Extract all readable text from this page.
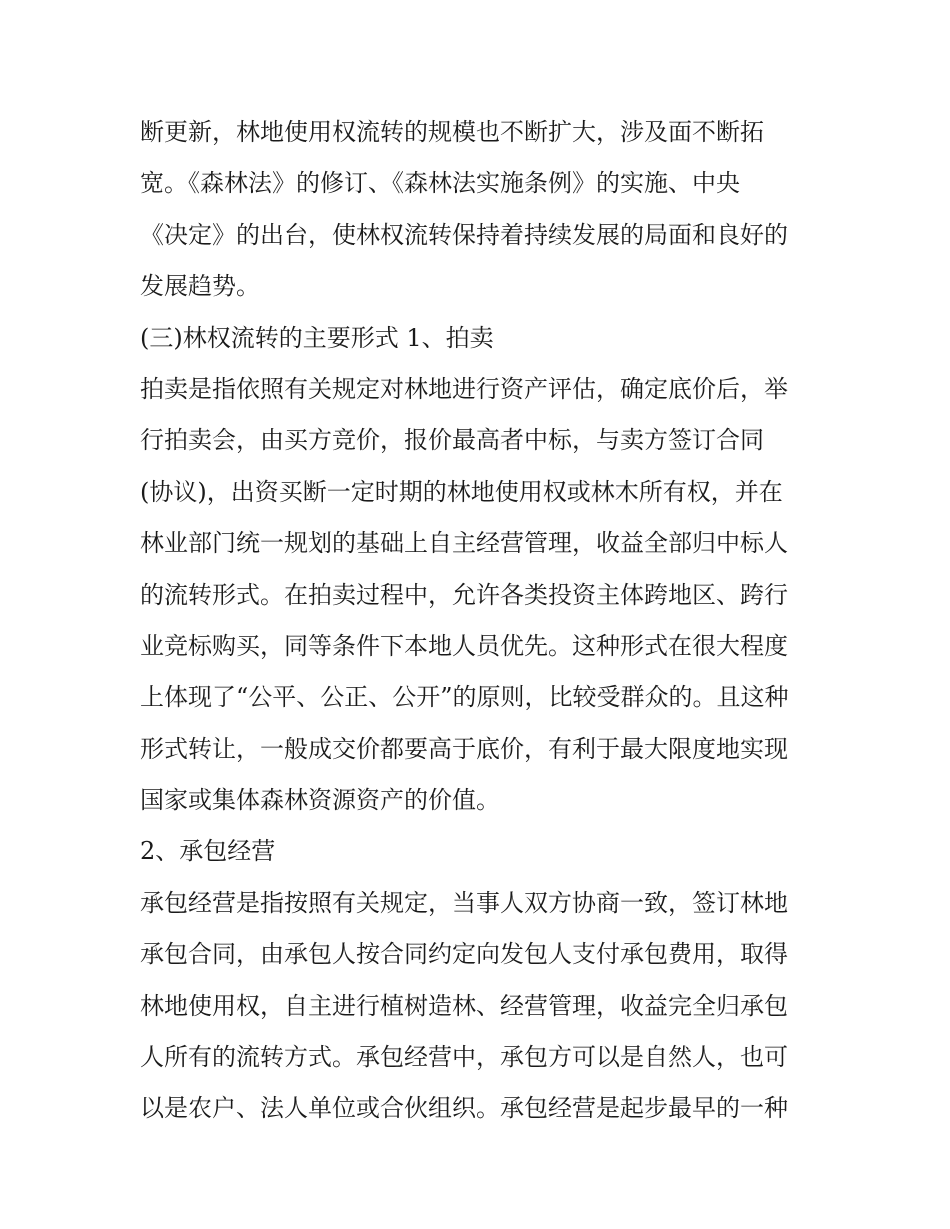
断更新，林地使用权流转的规模也不断扩大，涉及面不断拓
宽。《森林法》的修订、《森林法实施条例》的实施、中央
《决定》的出台，使林权流转保持着持续发展的局面和良好的
发展趋势。
(三)林权流转的主要形式 1、拍卖
拍卖是指依照有关规定对林地进行资产评估，确定底价后，举
行拍卖会，由买方竞价，报价最高者中标，与卖方签订合同
(协议)，出资买断一定时期的林地使用权或林木所有权，并在
林业部门统一规划的基础上自主经营管理，收益全部归中标人
的流转形式。在拍卖过程中，允许各类投资主体跨地区、跨行
业竞标购买，同等条件下本地人员优先。这种形式在很大程度
上体现了“公平、公正、公开”的原则，比较受群众的。且这种
形式转让，一般成交价都要高于底价，有利于最大限度地实现
国家或集体森林资源资产的价值。
2、承包经营
承包经营是指按照有关规定，当事人双方协商一致，签订林地
承包合同，由承包人按合同约定向发包人支付承包费用，取得
林地使用权，自主进行植树造林、经营管理，收益完全归承包
人所有的流转方式。承包经营中，承包方可以是自然人，也可
以是农户、法人单位或合伙组织。承包经营是起步最早的一种
